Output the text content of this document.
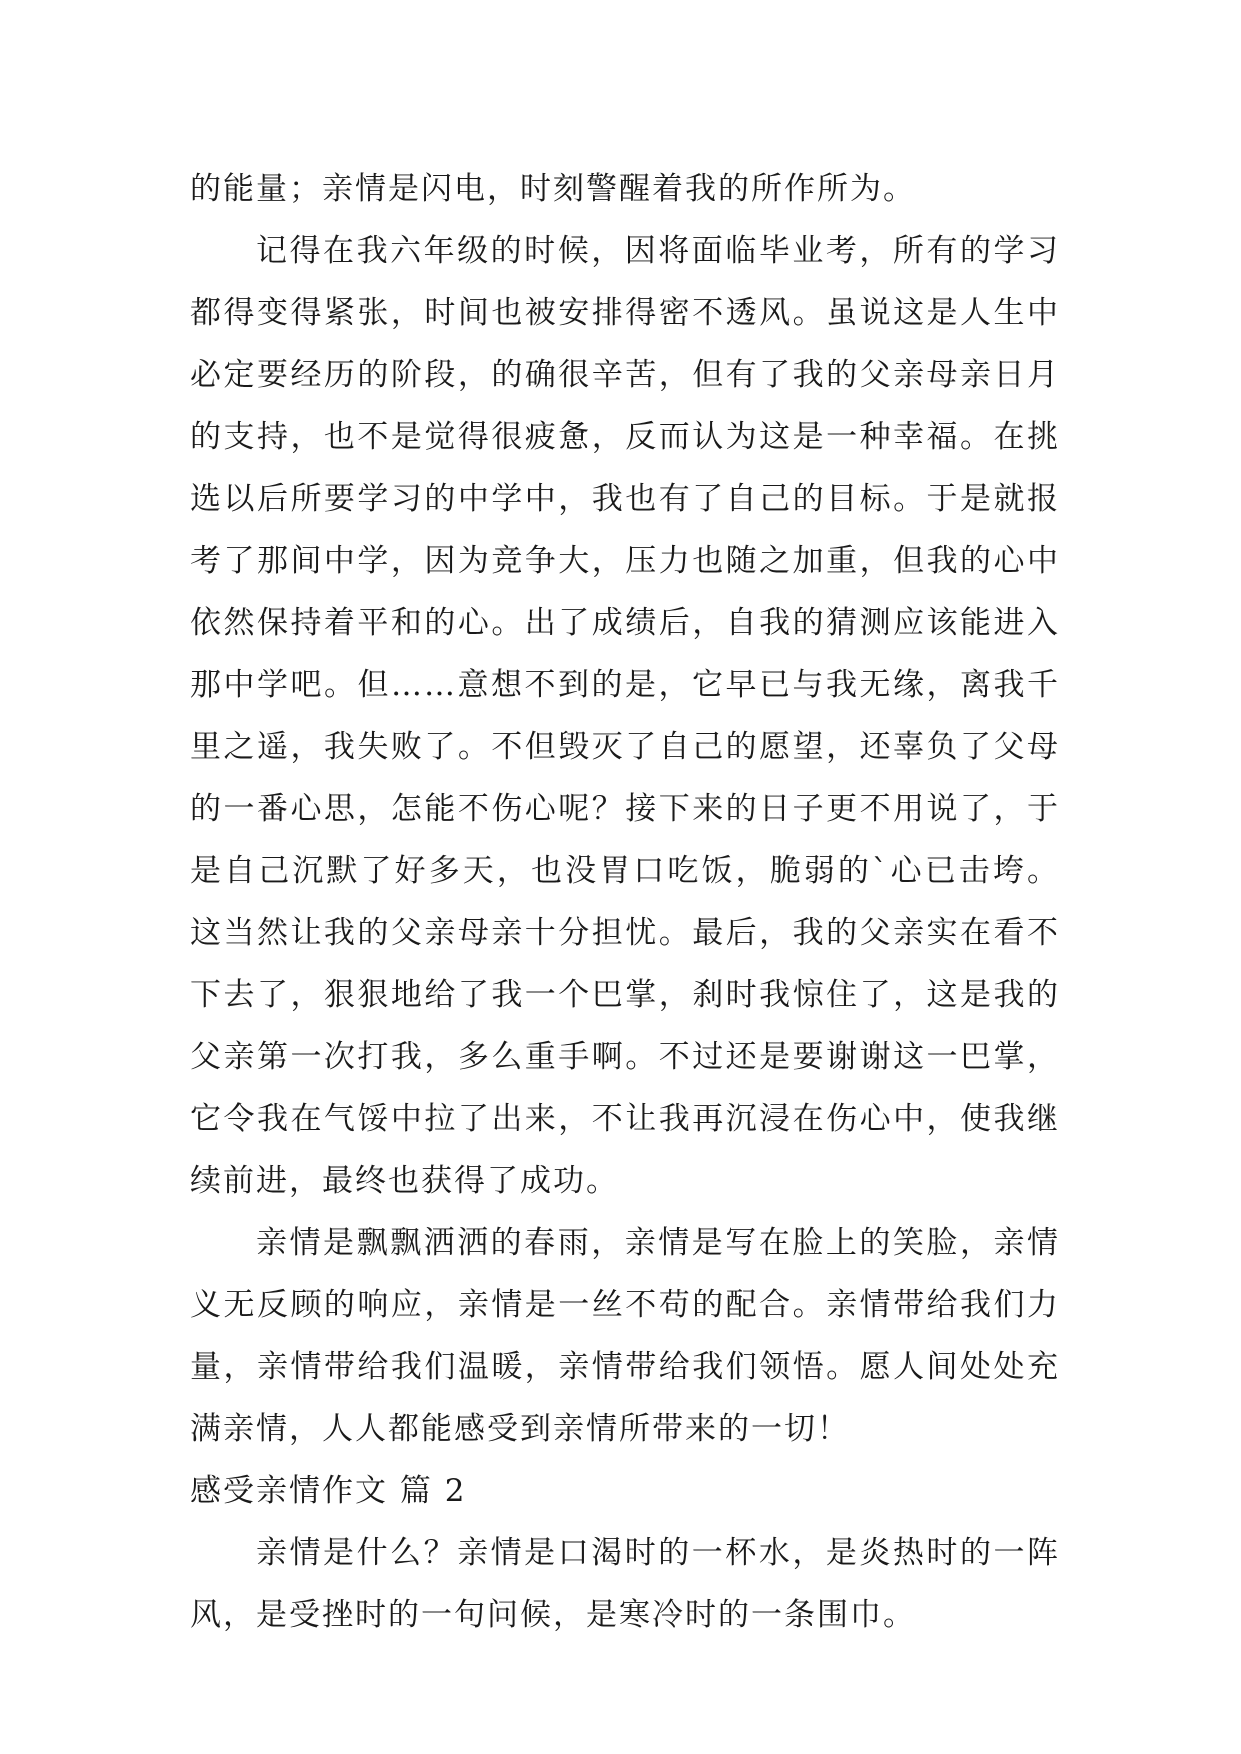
的能量；亲情是闪电，时刻警醒着我的所作所为。

记得在我六年级的时候，因将面临毕业考，所有的学习都得变得紧张，时间也被安排得密不透风。虽说这是人生中必定要经历的阶段，的确很辛苦，但有了我的父亲母亲日月的支持，也不是觉得很疲惫，反而认为这是一种幸福。在挑选以后所要学习的中学中，我也有了自己的目标。于是就报考了那间中学，因为竞争大，压力也随之加重，但我的心中依然保持着平和的心。出了成绩后，自我的猜测应该能进入那中学吧。但……意想不到的是，它早已与我无缘，离我千里之遥，我失败了。不但毁灭了自己的愿望，还辜负了父母的一番心思，怎能不伤心呢？接下来的日子更不用说了，于是自己沉默了好多天，也没胃口吃饭，脆弱的`心已击垮。这当然让我的父亲母亲十分担忧。最后，我的父亲实在看不下去了，狠狠地给了我一个巴掌，刹时我惊住了，这是我的父亲第一次打我，多么重手啊。不过还是要谢谢这一巴掌，它令我在气馁中拉了出来，不让我再沉浸在伤心中，使我继续前进，最终也获得了成功。

亲情是飘飘洒洒的春雨，亲情是写在脸上的笑脸，亲情义无反顾的响应，亲情是一丝不苟的配合。亲情带给我们力量，亲情带给我们温暖，亲情带给我们领悟。愿人间处处充满亲情，人人都能感受到亲情所带来的一切！

感受亲情作文 篇 2

亲情是什么？亲情是口渴时的一杯水，是炎热时的一阵风，是受挫时的一句问候，是寒冷时的一条围巾。
